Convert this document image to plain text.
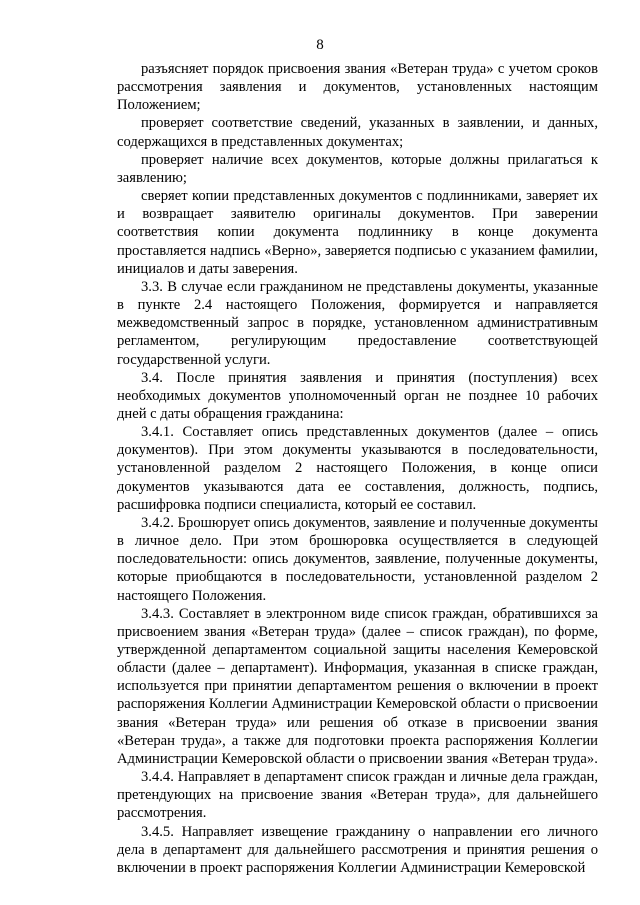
8

разъясняет порядок присвоения звания «Ветеран труда» с учетом сроков рассмотрения заявления и документов, установленных настоящим Положением;

проверяет соответствие сведений, указанных в заявлении, и данных, содержащихся в представленных документах;

проверяет наличие всех документов, которые должны прилагаться к заявлению;

сверяет копии представленных документов с подлинниками, заверяет их и возвращает заявителю оригиналы документов. При заверении соответствия копии документа подлиннику в конце документа проставляется надпись «Верно», заверяется подписью с указанием фамилии, инициалов и даты заверения.

3.3. В случае если гражданином не представлены документы, указанные в пункте 2.4 настоящего Положения, формируется и направляется межведомственный запрос в порядке, установленном административным регламентом, регулирующим предоставление соответствующей государственной услуги.

3.4. После принятия заявления и принятия (поступления) всех необходимых документов уполномоченный орган не позднее 10 рабочих дней с даты обращения гражданина:

3.4.1. Составляет опись представленных документов (далее – опись документов). При этом документы указываются в последовательности, установленной разделом 2 настоящего Положения, в конце описи документов указываются дата ее составления, должность, подпись, расшифровка подписи специалиста, который ее составил.

3.4.2. Брошюрует опись документов, заявление и полученные документы в личное дело. При этом брошюровка осуществляется в следующей последовательности: опись документов, заявление, полученные документы, которые приобщаются в последовательности, установленной разделом 2 настоящего Положения.

3.4.3. Составляет в электронном виде список граждан, обратившихся за присвоением звания «Ветеран труда» (далее – список граждан), по форме, утвержденной департаментом социальной защиты населения Кемеровской области (далее – департамент). Информация, указанная в списке граждан, используется при принятии департаментом решения о включении в проект распоряжения Коллегии Администрации Кемеровской области о присвоении звания «Ветеран труда» или решения об отказе в присвоении звания «Ветеран труда», а также для подготовки проекта распоряжения Коллегии Администрации Кемеровской области о присвоении звания «Ветеран труда».

3.4.4. Направляет в департамент список граждан и личные дела граждан, претендующих на присвоение звания «Ветеран труда», для дальнейшего рассмотрения.

3.4.5. Направляет извещение гражданину о направлении его личного дела в департамент для дальнейшего рассмотрения и принятия решения о включении в проект распоряжения Коллегии Администрации Кемеровской
